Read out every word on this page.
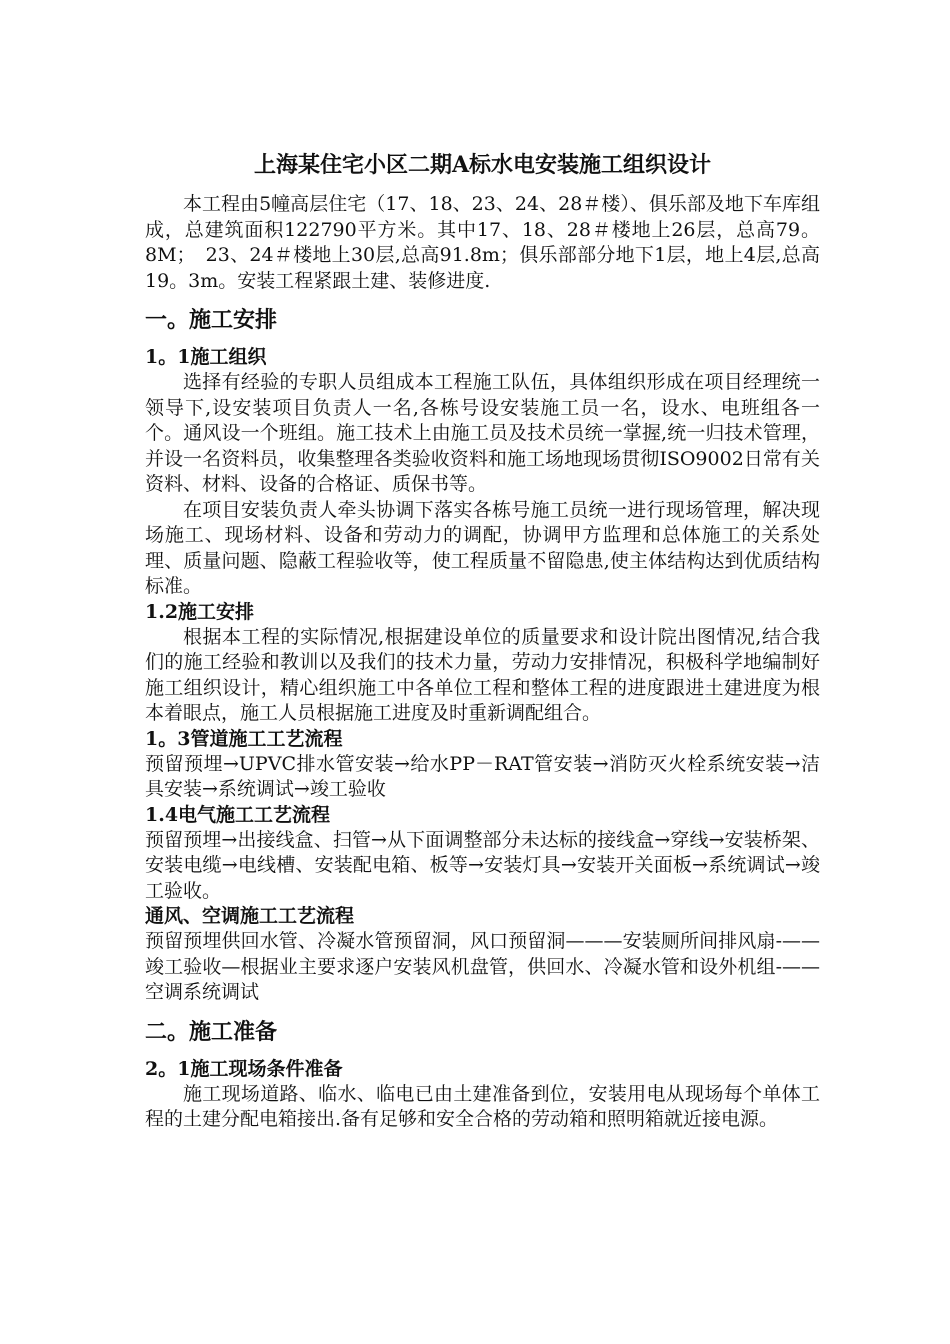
上海某住宅小区二期A标水电安装施工组织设计

本工程由5幢高层住宅（17、18、23、24、28＃楼）、俱乐部及地下车库组成，总建筑面积122790平方米。其中17、18、28＃楼地上26层，总高79。8M；　23、24＃楼地上30层,总高91.8m；俱乐部部分地下1层，地上4层,总高19。3m。安装工程紧跟土建、装修进度.

一。施工安排
1。1施工组织

选择有经验的专职人员组成本工程施工队伍，具体组织形成在项目经理统一领导下,设安装项目负责人一名,各栋号设安装施工员一名，设水、电班组各一个。通风设一个班组。施工技术上由施工员及技术员统一掌握,统一归技术管理，并设一名资料员，收集整理各类验收资料和施工场地现场贯彻ISO9002日常有关资料、材料、设备的合格证、质保书等。

在项目安装负责人牵头协调下落实各栋号施工员统一进行现场管理，解决现场施工、现场材料、设备和劳动力的调配，协调甲方监理和总体施工的关系处理、质量问题、隐蔽工程验收等，使工程质量不留隐患,使主体结构达到优质结构标准。

1.2施工安排

根据本工程的实际情况,根据建设单位的质量要求和设计院出图情况,结合我们的施工经验和教训以及我们的技术力量，劳动力安排情况，积极科学地编制好施工组织设计，精心组织施工中各单位工程和整体工程的进度跟进土建进度为根本着眼点，施工人员根据施工进度及时重新调配组合。

1。3管道施工工艺流程

预留预埋→UPVC排水管安装→给水PP－RAT管安装→消防灭火栓系统安装→洁具安装→系统调试→竣工验收

1.4电气施工工艺流程

预留预埋→出接线盒、扫管→从下面调整部分未达标的接线盒→穿线→安装桥架、安装电缆→电线槽、安装配电箱、板等→安装灯具→安装开关面板→系统调试→竣工验收。

通风、空调施工工艺流程

预留预埋供回水管、冷凝水管预留洞，风口预留洞———安装厕所间排风扇-——竣工验收—根据业主要求逐户安装风机盘管，供回水、冷凝水管和设外机组-——空调系统调试

二。施工准备
2。1施工现场条件准备

施工现场道路、临水、临电已由土建准备到位，安装用电从现场每个单体工程的土建分配电箱接出.备有足够和安全合格的劳动箱和照明箱就近接电源。
